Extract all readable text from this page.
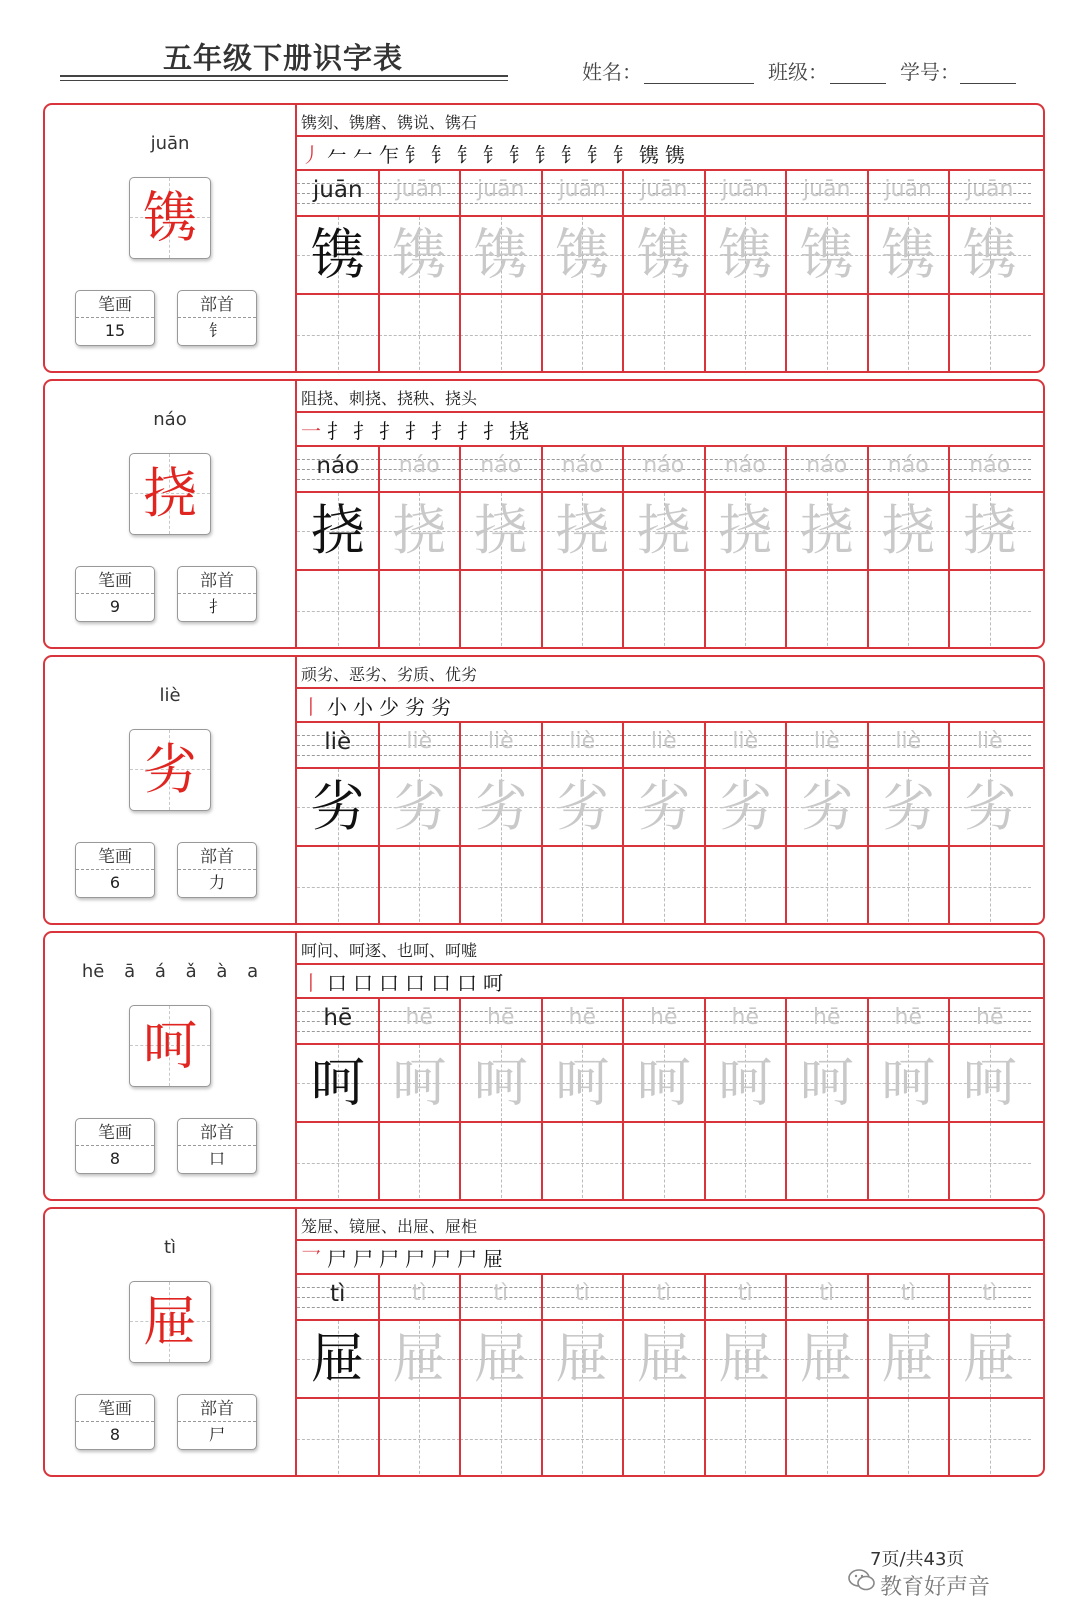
五年级下册识字表	姓名：	班级：	学号：
juān
镌
笔画
15
部首
钅
镌刻、镌磨、镌说、镌石
丿 𠂉 𠂉 乍 钅 钅 钅 钅 钅 钅 钅 钅 钅 镌 镌
juān	juān	juān	juān	juān	juān	juān	juān	juān
镌 镌 镌 镌 镌 镌 镌 镌 镌
náo
挠
笔画
9
部首
扌
阻挠、刺挠、挠秧、挠头
一 扌 扌 扌 扌 扌 扌 扌 挠
náo	náo	náo	náo	náo	náo	náo	náo	náo
挠 挠 挠 挠 挠 挠 挠 挠 挠
liè
劣
笔画
6
部首
力
顽劣、恶劣、劣质、优劣
丨 小 小 少 劣 劣
liè	liè	liè	liè	liè	liè	liè	liè	liè
劣 劣 劣 劣 劣 劣 劣 劣 劣
hē ā á ǎ à a
呵
笔画
8
部首
口
呵问、呵逐、也呵、呵嘘
丨 口 口 口 口 口 口 呵
hē	hē	hē	hē	hē	hē	hē	hē	hē
呵 呵 呵 呵 呵 呵 呵 呵 呵
tì
屉
笔画
8
部首
尸
笼屉、镜屉、出屉、屉柜
乛 尸 尸 尸 尸 尸 尸 屉
tì	tì	tì	tì	tì	tì	tì	tì	tì
屉 屉 屉 屉 屉 屉 屉 屉 屉
7页/共43页
教育好声音
